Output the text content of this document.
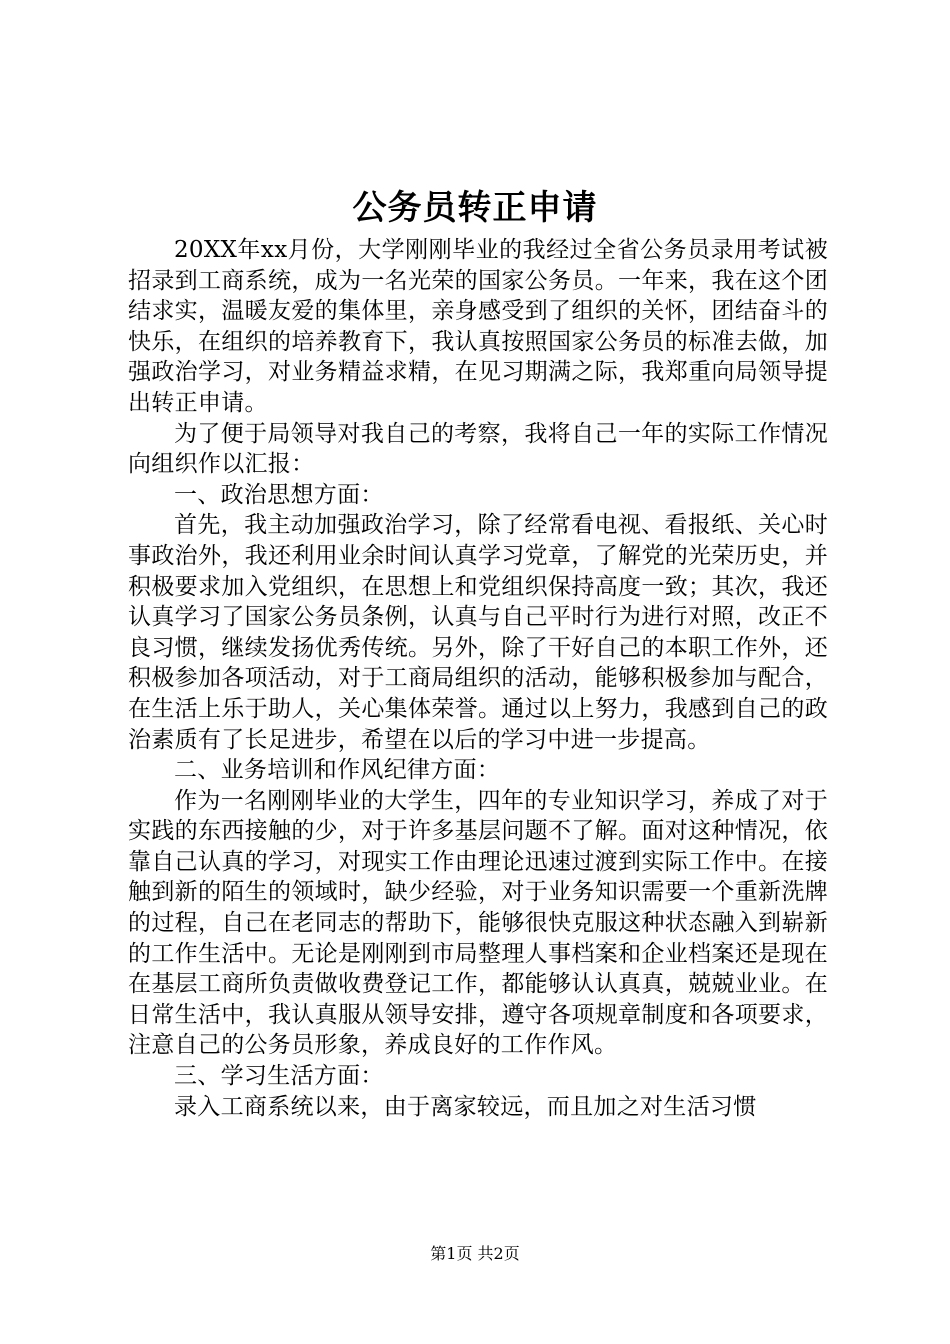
公务员转正申请

20XX年xx月份，大学刚刚毕业的我经过全省公务员录用考试被招录到工商系统，成为一名光荣的国家公务员。一年来，我在这个团结求实，温暖友爱的集体里，亲身感受到了组织的关怀，团结奋斗的快乐，在组织的培养教育下，我认真按照国家公务员的标准去做，加强政治学习，对业务精益求精，在见习期满之际，我郑重向局领导提出转正申请。

为了便于局领导对我自己的考察，我将自己一年的实际工作情况向组织作以汇报：

一、政治思想方面：

首先，我主动加强政治学习，除了经常看电视、看报纸、关心时事政治外，我还利用业余时间认真学习党章，了解党的光荣历史，并积极要求加入党组织，在思想上和党组织保持高度一致；其次，我还认真学习了国家公务员条例，认真与自己平时行为进行对照，改正不良习惯，继续发扬优秀传统。另外，除了干好自己的本职工作外，还积极参加各项活动，对于工商局组织的活动，能够积极参加与配合，在生活上乐于助人，关心集体荣誉。通过以上努力，我感到自己的政治素质有了长足进步，希望在以后的学习中进一步提高。

二、业务培训和作风纪律方面：

作为一名刚刚毕业的大学生，四年的专业知识学习，养成了对于实践的东西接触的少，对于许多基层问题不了解。面对这种情况，依靠自己认真的学习，对现实工作由理论迅速过渡到实际工作中。在接触到新的陌生的领域时，缺少经验，对于业务知识需要一个重新洗牌的过程，自己在老同志的帮助下，能够很快克服这种状态融入到崭新的工作生活中。无论是刚刚到市局整理人事档案和企业档案还是现在在基层工商所负责做收费登记工作，都能够认认真真，兢兢业业。在日常生活中，我认真服从领导安排，遵守各项规章制度和各项要求，注意自己的公务员形象，养成良好的工作作风。

三、学习生活方面：

录入工商系统以来，由于离家较远，而且加之对生活习惯

第1页 共2页
